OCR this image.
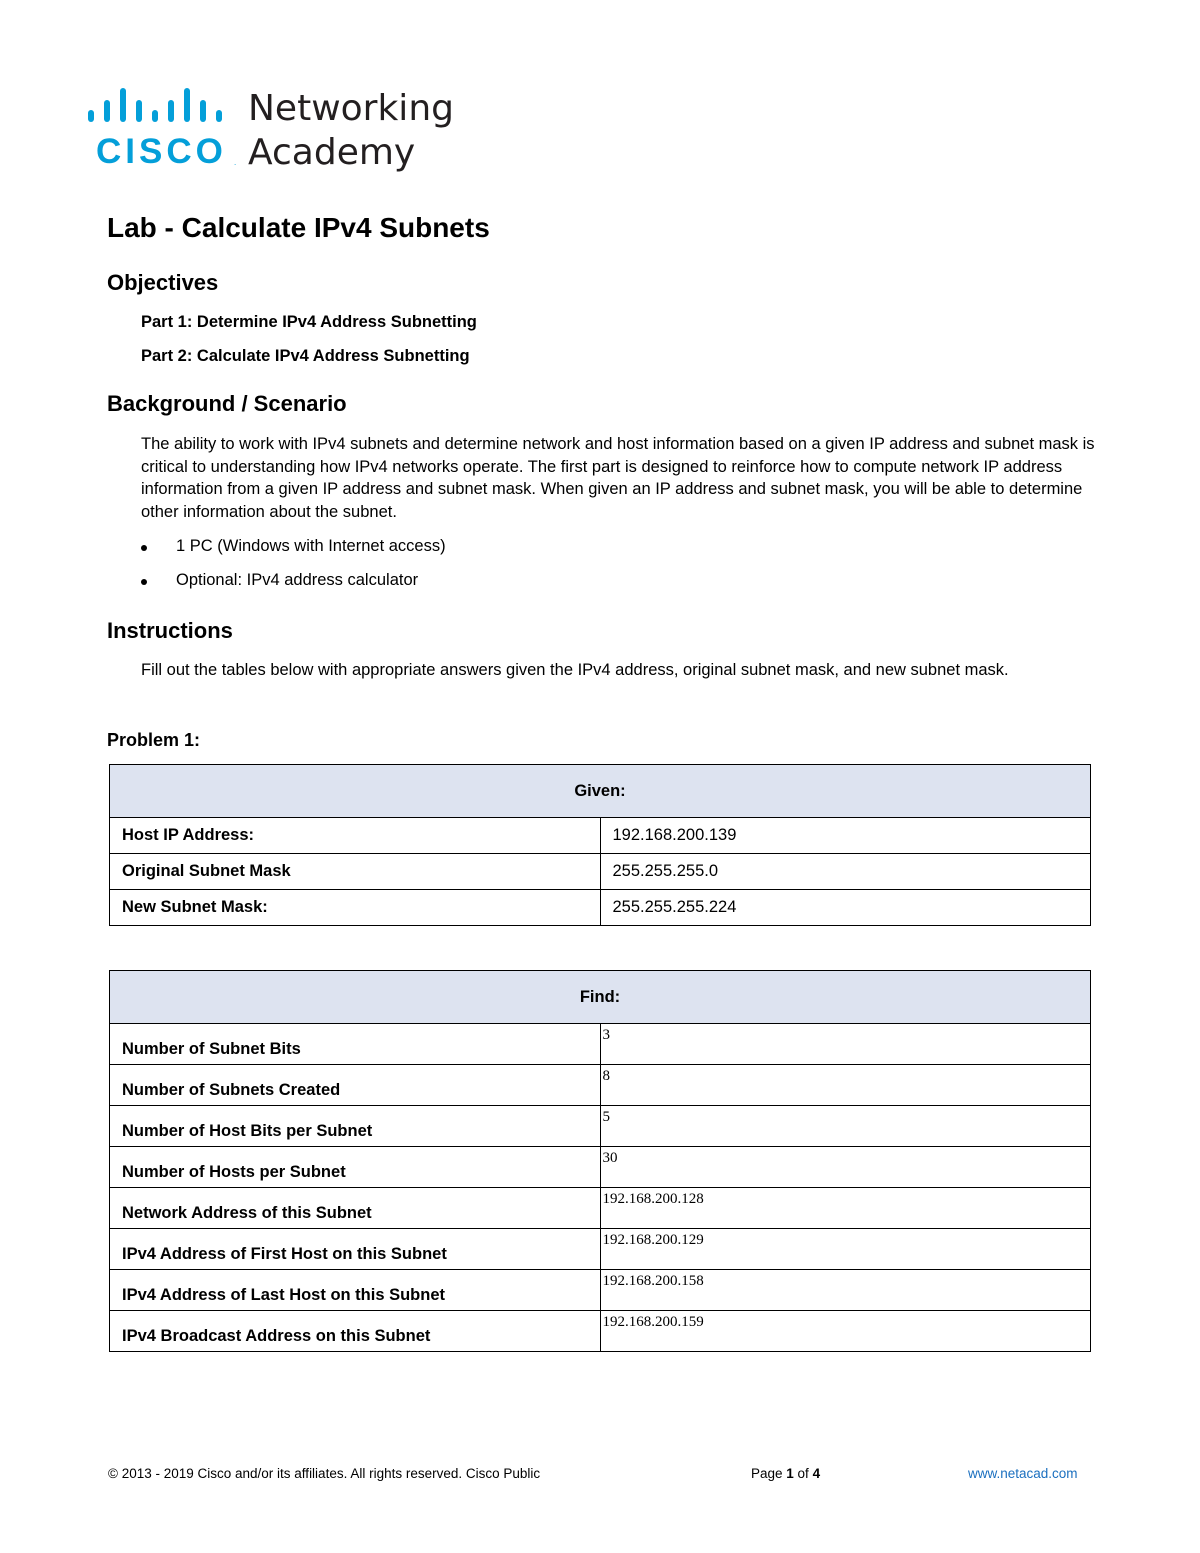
CISCO .
Networking
Academy
Lab - Calculate IPv4 Subnets
Objectives

Part 1: Determine IPv4 Address Subnetting

Part 2: Calculate IPv4 Address Subnetting

Background / Scenario

The ability to work with IPv4 subnets and determine network and host information based on a given IP address and subnet mask is critical to understanding how IPv4 networks operate. The first part is designed to reinforce how to compute network IP address information from a given IP address and subnet mask. When given an IP address and subnet mask, you will be able to determine other information about the subnet.

1 PC (Windows with Internet access)
Optional: IPv4 address calculator
Instructions

Fill out the tables below with appropriate answers given the IPv4 address, original subnet mask, and new subnet mask.

Problem 1:

Given:	
Host IP Address:	192.168.200.139
Original Subnet Mask	255.255.255.0
New Subnet Mask:	255.255.255.224
Find:	
Number of Subnet Bits	3
Number of Subnets Created	8
Number of Host Bits per Subnet	5
Number of Hosts per Subnet	30
Network Address of this Subnet	192.168.200.128
IPv4 Address of First Host on this Subnet	192.168.200.129
IPv4 Address of Last Host on this Subnet	192.168.200.158
IPv4 Broadcast Address on this Subnet	192.168.200.159
© 2013 - 2019 Cisco and/or its affiliates. All rights reserved. Cisco Public	Page 1 of 4	www.netacad.com
